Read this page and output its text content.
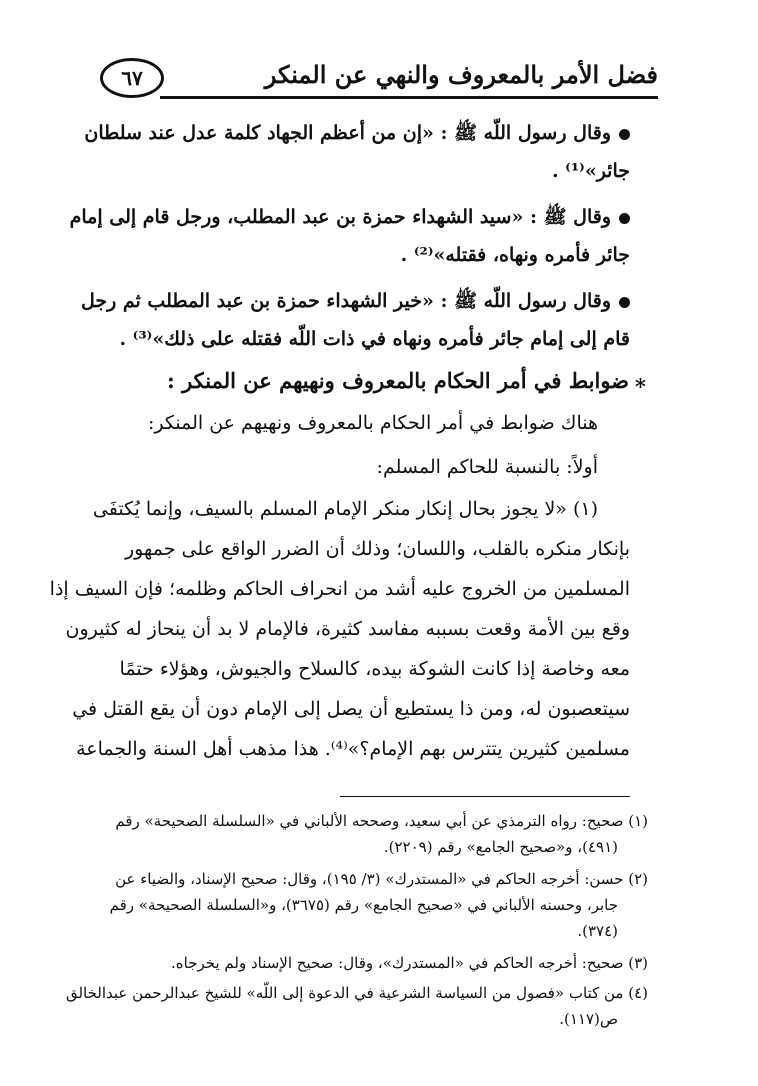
فضل الأمر بالمعروف والنهي عن المنكر
٦٧
وقال رسول اللّه ﷺ : «إن من أعظم الجهاد كلمة عدل عند سلطان
جائر»⁽¹⁾ .
وقال ﷺ : «سيد الشهداء حمزة بن عبد المطلب، ورجل قام إلى إمام
جائر فأمره ونهاه، فقتله»⁽²⁾ .
وقال رسول اللّه ﷺ : «خير الشهداء حمزة بن عبد المطلب ثم رجل
قام إلى إمام جائر فأمره ونهاه في ذات اللّه فقتله على ذلك»⁽³⁾ .
⁎ضوابط في أمر الحكام بالمعروف ونهيهم عن المنكر :
هناك ضوابط في أمر الحكام بالمعروف ونهيهم عن المنكر:
أولاً: بالنسبة للحاكم المسلم:
(١) «لا يجوز بحال إنكار منكر الإمام المسلم بالسيف، وإنما يُكتفَى
بإنكار منكره بالقلب، واللسان؛ وذلك أن الضرر الواقع على جمهور
المسلمين من الخروج عليه أشد من انحراف الحاكم وظلمه؛ فإن السيف إذا
وقع بين الأمة وقعت بسببه مفاسد كثيرة، فالإمام لا بد أن ينحاز له كثيرون
معه وخاصة إذا كانت الشوكة بيده، كالسلاح والجيوش، وهؤلاء حتمًا
سيتعصبون له، ومن ذا يستطيع أن يصل إلى الإمام دون أن يقع القتل في
مسلمين كثيرين يتترس بهم الإمام؟»⁽⁴⁾. هذا مذهب أهل السنة والجماعة
(١) صحيح: رواه الترمذي عن أبي سعيد، وصححه الألباني في «السلسلة الصحيحة» رقم
(٤٩١)، و«صحيح الجامع» رقم (٢٢٠٩).
(٢) حسن: أخرجه الحاكم في «المستدرك» (٣/ ١٩٥)، وقال: صحيح الإسناد، والضياء عن
جابر، وحسنه الألباني في «صحيح الجامع» رقم (٣٦٧٥)، و«السلسلة الصحيحة» رقم
(٣٧٤).
(٣) صحيح: أخرجه الحاكم في «المستدرك»، وقال: صحيح الإسناد ولم يخرجاه.
(٤) من كتاب «فصول من السياسة الشرعية في الدعوة إلى اللّه» للشيخ عبدالرحمن عبدالخالق
ص(١١٧).
